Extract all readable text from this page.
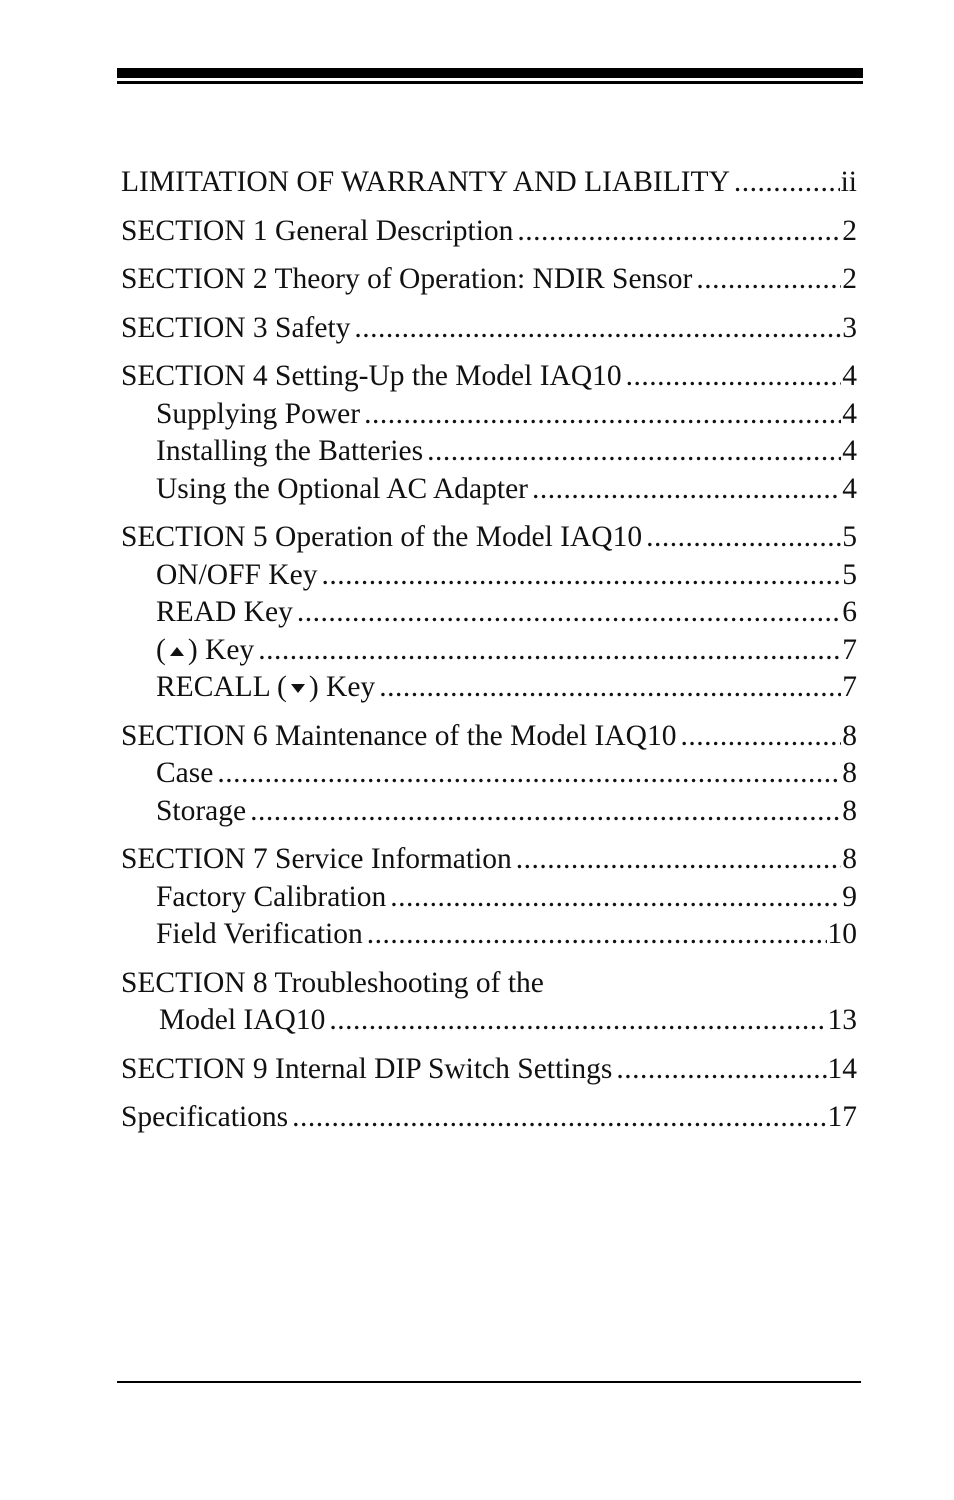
LIMITATION OF WARRANTY AND LIABILITY .....	ii
SECTION 1 General Description .....	2
SECTION 2 Theory of Operation: NDIR Sensor .....	2
SECTION 3 Safety .....	3
SECTION 4 Setting-Up the Model IAQ10 .....	4
Supplying Power .....	4
Installing the Batteries .....	4
Using the Optional AC Adapter .....	4
SECTION 5 Operation of the Model IAQ10 .....	5
ON/OFF Key .....	5
READ Key .....	6
( ) Key .....	7
RECALL ( ) Key .....	7
SECTION 6 Maintenance of the Model IAQ10 .....	8
Case .....	8
Storage .....	8
SECTION 7 Service Information .....	8
Factory Calibration .....	9
Field Verification .....	10
SECTION 8 Troubleshooting of the
Model IAQ10 .....	13
SECTION 9 Internal DIP Switch Settings .....	14
Specifications .....	17
